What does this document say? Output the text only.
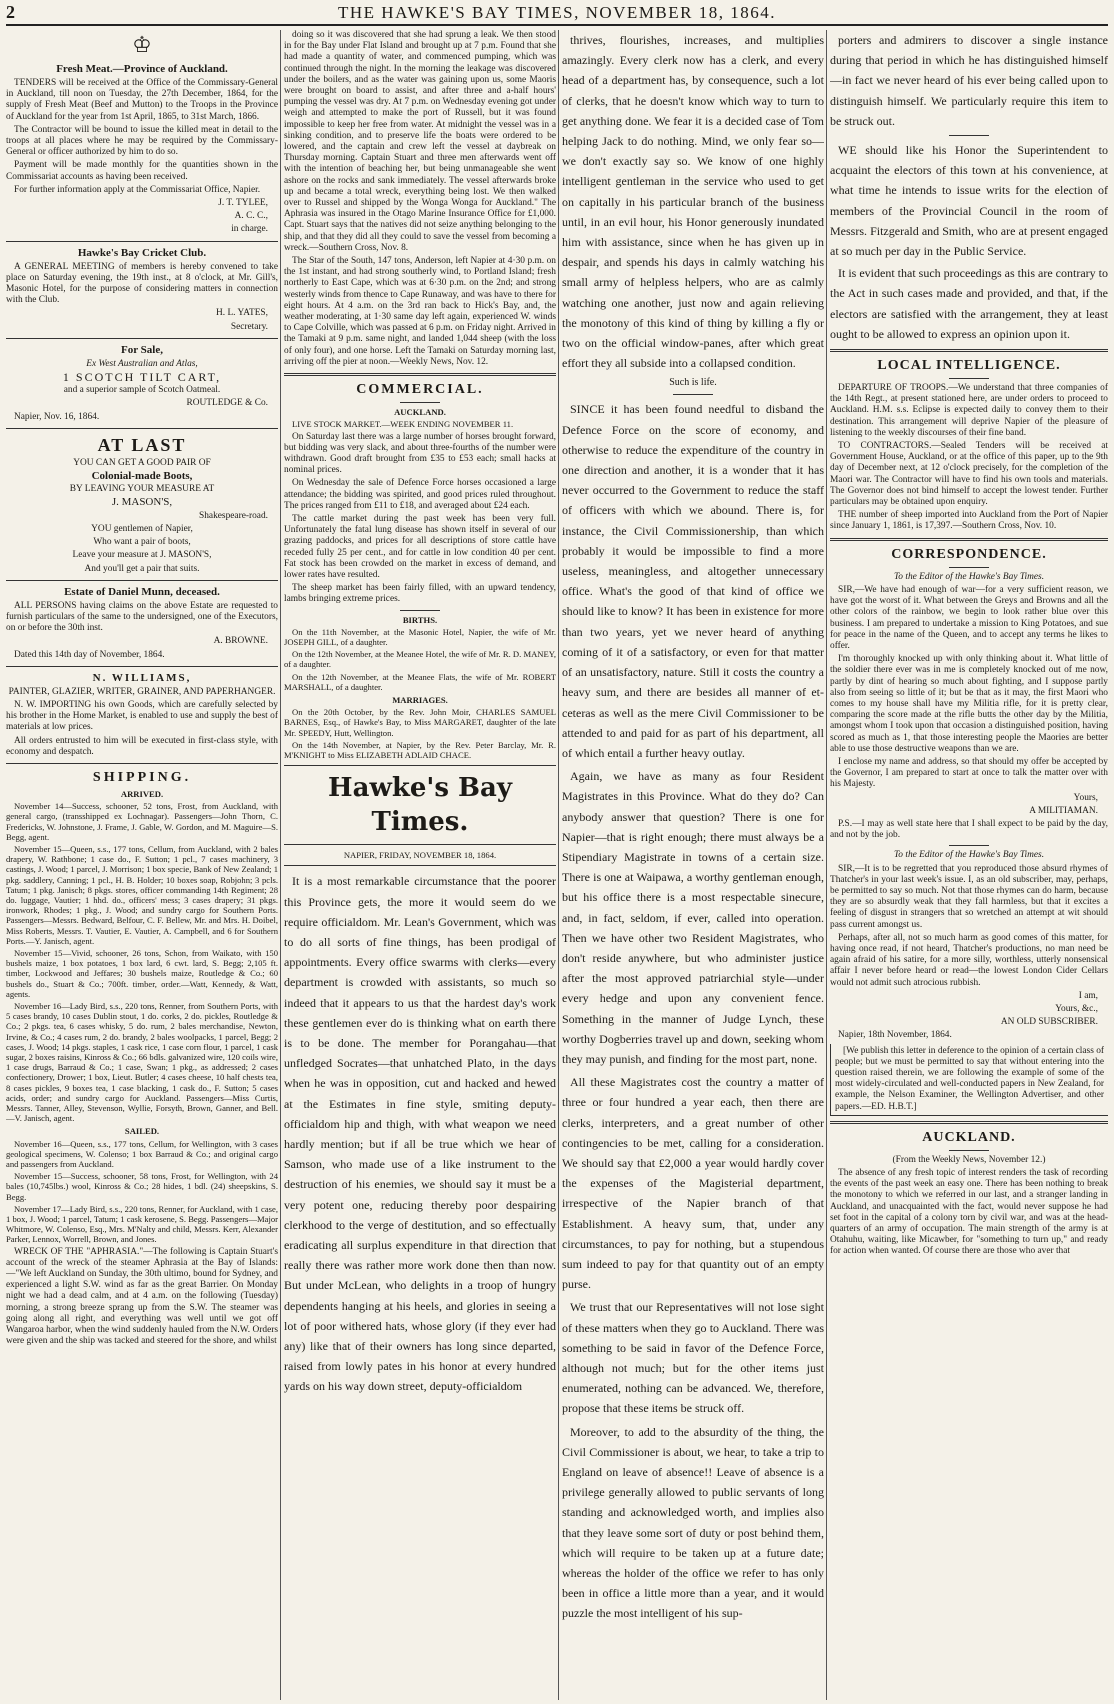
2	THE HAWKE'S BAY TIMES, NOVEMBER 18, 1864.
♔
Fresh Meat.—Province of Auckland.

TENDERS will be received at the Office of the Commissary-General in Auckland, till noon on Tuesday, the 27th December, 1864, for the supply of Fresh Meat (Beef and Mutton) to the Troops in the Province of Auckland for the year from 1st April, 1865, to 31st March, 1866.

The Contractor will be bound to issue the killed meat in detail to the troops at all places where he may be required by the Commissary-General or officer authorized by him to do so.

Payment will be made monthly for the quantities shown in the Commissariat accounts as having been received.

For further information apply at the Commissariat Office, Napier.

J. T. TYLEE,

A. C. C.,

in charge.

Hawke's Bay Cricket Club.

A GENERAL MEETING of members is hereby convened to take place on Saturday evening, the 19th inst., at 8 o'clock, at Mr. Gill's, Masonic Hotel, for the purpose of considering matters in connection with the Club.

H. L. YATES,

Secretary.

For Sale,

Ex West Australian and Atlas,

1 SCOTCH TILT CART,

and a superior sample of Scotch Oatmeal.

ROUTLEDGE & Co.

Napier, Nov. 16, 1864.

AT LAST

YOU CAN GET A GOOD PAIR OF

Colonial-made Boots,

BY LEAVING YOUR MEASURE AT

J. MASON'S,

Shakespeare-road.

YOU gentlemen of Napier,

Who want a pair of boots,

Leave your measure at J. MASON'S,

And you'll get a pair that suits.

Estate of Daniel Munn, deceased.

ALL PERSONS having claims on the above Estate are requested to furnish particulars of the same to the undersigned, one of the Executors, on or before the 30th inst.

A. BROWNE.

Dated this 14th day of November, 1864.

N. WILLIAMS,

PAINTER, GLAZIER, WRITER, GRAINER, AND PAPERHANGER.

N. W. IMPORTING his own Goods, which are carefully selected by his brother in the Home Market, is enabled to use and supply the best of materials at low prices.

All orders entrusted to him will be executed in first-class style, with economy and despatch.

SHIPPING.
ARRIVED.

November 14—Success, schooner, 52 tons, Frost, from Auckland, with general cargo, (transshipped ex Lochnagar). Passengers—John Thorn, C. Fredericks, W. Johnstone, J. Frame, J. Gable, W. Gordon, and M. Maguire—S. Begg, agent.

November 15—Queen, s.s., 177 tons, Cellum, from Auckland, with 2 bales drapery, W. Rathbone; 1 case do., F. Sutton; 1 pcl., 7 cases machinery, 3 castings, J. Wood; 1 parcel, J. Morrison; 1 box specie, Bank of New Zealand; 1 pkg. saddlery, Canning; 1 pcl., H. B. Holder; 10 boxes soap, Robjohn; 3 pcls. Tatum; 1 pkg. Janisch; 8 pkgs. stores, officer commanding 14th Regiment; 28 do. luggage, Vautier; 1 hhd. do., officers' mess; 3 cases drapery; 31 pkgs. ironwork, Rhodes; 1 pkg., J. Wood; and sundry cargo for Southern Ports. Passengers—Messrs. Bedward, Belfour, C. F. Bellew, Mr. and Mrs. H. Doibel, Miss Roberts, Messrs. T. Vautier, E. Vautier, A. Campbell, and 6 for Southern Ports.—Y. Janisch, agent.

November 15—Vivid, schooner, 26 tons, Schon, from Waikato, with 150 bushels maize, 1 box potatoes, 1 box lard, 6 cwt. lard, S. Begg; 2,105 ft. timber, Lockwood and Jeffares; 30 bushels maize, Routledge & Co.; 60 bushels do., Stuart & Co.; 700ft. timber, order.—Watt, Kennedy, & Watt, agents.

November 16—Lady Bird, s.s., 220 tons, Renner, from Southern Ports, with 5 cases brandy, 10 cases Dublin stout, 1 do. corks, 2 do. pickles, Routledge & Co.; 2 pkgs. tea, 6 cases whisky, 5 do. rum, 2 bales merchandise, Newton, Irvine, & Co.; 4 cases rum, 2 do. brandy, 2 bales woolpacks, 1 parcel, Begg; 2 cases, J. Wood; 14 pkgs. staples, 1 cask rice, 1 case corn flour, 1 parcel, 1 cask sugar, 2 boxes raisins, Kinross & Co.; 66 bdls. galvanized wire, 120 coils wire, 1 case drugs, Barraud & Co.; 1 case, Swan; 1 pkg., as addressed; 2 cases confectionery, Drower; 1 box, Lieut. Butler; 4 cases cheese, 10 half chests tea, 8 cases pickles, 9 boxes tea, 1 case blacking, 1 cask do., F. Sutton; 5 cases acids, order; and sundry cargo for Auckland. Passengers—Miss Curtis, Messrs. Tanner, Alley, Stevenson, Wyllie, Forsyth, Brown, Ganner, and Bell.—V. Janisch, agent.

SAILED.

November 16—Queen, s.s., 177 tons, Cellum, for Wellington, with 3 cases geological specimens, W. Colenso; 1 box Barraud & Co.; and original cargo and passengers from Auckland.

November 15—Success, schooner, 58 tons, Frost, for Wellington, with 24 bales (10,745lbs.) wool, Kinross & Co.; 28 hides, 1 bdl. (24) sheepskins, S. Begg.

November 17—Lady Bird, s.s., 220 tons, Renner, for Auckland, with 1 case, 1 box, J. Wood; 1 parcel, Tatum; 1 cask kerosene, S. Begg. Passengers—Major Whitmore, W. Colenso, Esq., Mrs. M'Nalty and child, Messrs. Kerr, Alexander Parker, Lennox, Worrell, Brown, and Jones.

WRECK OF THE "APHRASIA."—The following is Captain Stuart's account of the wreck of the steamer Aphrasia at the Bay of Islands:—"We left Auckland on Sunday, the 30th ultimo, bound for Sydney, and experienced a light S.W. wind as far as the great Barrier. On Monday night we had a dead calm, and at 4 a.m. on the following (Tuesday) morning, a strong breeze sprang up from the S.W. The steamer was going along all right, and everything was well until we got off Wangaroa harbor, when the wind suddenly hauled from the N.W. Orders were given and the ship was tacked and steered for the shore, and whilst

doing so it was discovered that she had sprung a leak. We then stood in for the Bay under Flat Island and brought up at 7 p.m. Found that she had made a quantity of water, and commenced pumping, which was continued through the night. In the morning the leakage was discovered under the boilers, and as the water was gaining upon us, some Maoris were brought on board to assist, and after three and a-half hours' pumping the vessel was dry. At 7 p.m. on Wednesday evening got under weigh and attempted to make the port of Russell, but it was found impossible to keep her free from water. At midnight the vessel was in a sinking condition, and to preserve life the boats were ordered to be lowered, and the captain and crew left the vessel at daybreak on Thursday morning. Captain Stuart and three men afterwards went off with the intention of beaching her, but being unmanageable she went ashore on the rocks and sank immediately. The vessel afterwards broke up and became a total wreck, everything being lost. We then walked over to Russel and shipped by the Wonga Wonga for Auckland." The Aphrasia was insured in the Otago Marine Insurance Office for £1,000. Capt. Stuart says that the natives did not seize anything belonging to the ship, and that they did all they could to save the vessel from becoming a wreck.—Southern Cross, Nov. 8.

The Star of the South, 147 tons, Anderson, left Napier at 4·30 p.m. on the 1st instant, and had strong southerly wind, to Portland Island; fresh northerly to East Cape, which was at 6·30 p.m. on the 2nd; and strong westerly winds from thence to Cape Runaway, and was have to there for eight hours. At 4 a.m. on the 3rd ran back to Hick's Bay, and, the weather moderating, at 1·30 same day left again, experienced W. winds to Cape Colville, which was passed at 6 p.m. on Friday night. Arrived in the Tamaki at 9 p.m. same night, and landed 1,044 sheep (with the loss of only four), and one horse. Left the Tamaki on Saturday morning last, arriving off the pier at noon.—Weekly News, Nov. 12.

COMMERCIAL.
AUCKLAND.

LIVE STOCK MARKET.—WEEK ENDING NOVEMBER 11.

On Saturday last there was a large number of horses brought forward, but bidding was very slack, and about three-fourths of the number were withdrawn. Good draft brought from £35 to £53 each; small hacks at nominal prices.

On Wednesday the sale of Defence Force horses occasioned a large attendance; the bidding was spirited, and good prices ruled throughout. The prices ranged from £11 to £18, and averaged about £24 each.

The cattle market during the past week has been very full. Unfortunately the fatal lung disease has shown itself in several of our grazing paddocks, and prices for all descriptions of store cattle have receded fully 25 per cent., and for cattle in low condition 40 per cent. Fat stock has been crowded on the market in excess of demand, and lower rates have resulted.

The sheep market has been fairly filled, with an upward tendency, lambs bringing extreme prices.

BIRTHS.

On the 11th November, at the Masonic Hotel, Napier, the wife of Mr. JOSEPH GILL, of a daughter.

On the 12th November, at the Meanee Hotel, the wife of Mr. R. D. MANEY, of a daughter.

On the 12th November, at the Meanee Flats, the wife of Mr. ROBERT MARSHALL, of a daughter.

MARRIAGES.

On the 20th October, by the Rev. John Moir, CHARLES SAMUEL BARNES, Esq., of Hawke's Bay, to Miss MARGARET, daughter of the late Mr. SPEEDY, Hutt, Wellington.

On the 14th November, at Napier, by the Rev. Peter Barclay, Mr. R. M'KNIGHT to Miss ELIZABETH ADLAID CHACE.

Hawke's Bay Times.

NAPIER, FRIDAY, NOVEMBER 18, 1864.

It is a most remarkable circumstance that the poorer this Province gets, the more it would seem do we require officialdom. Mr. Lean's Government, which was to do all sorts of fine things, has been prodigal of appointments. Every office swarms with clerks—every department is crowded with assistants, so much so indeed that it appears to us that the hardest day's work these gentlemen ever do is thinking what on earth there is to be done. The member for Porangahau—that unfledged Socrates—that unhatched Plato, in the days when he was in opposition, cut and hacked and hewed at the Estimates in fine style, smiting deputy-officialdom hip and thigh, with what weapon we need hardly mention; but if all be true which we hear of Samson, who made use of a like instrument to the destruction of his enemies, we should say it must be a very potent one, reducing thereby poor despairing clerkhood to the verge of destitution, and so effectually eradicating all surplus expenditure in that direction that really there was rather more work done then than now. But under McLean, who delights in a troop of hungry dependents hanging at his heels, and glories in seeing a lot of poor withered hats, whose glory (if they ever had any) like that of their owners has long since departed, raised from lowly pates in his honor at every hundred yards on his way down street, deputy-officialdom

thrives, flourishes, increases, and multiplies amazingly. Every clerk now has a clerk, and every head of a department has, by consequence, such a lot of clerks, that he doesn't know which way to turn to get anything done. We fear it is a decided case of Tom helping Jack to do nothing. Mind, we only fear so—we don't exactly say so. We know of one highly intelligent gentleman in the service who used to get on capitally in his particular branch of the business until, in an evil hour, his Honor generously inundated him with assistance, since when he has given up in despair, and spends his days in calmly watching his small army of helpless helpers, who are as calmly watching one another, just now and again relieving the monotony of this kind of thing by killing a fly or two on the official window-panes, after which great effort they all subside into a collapsed condition.

Such is life.

SINCE it has been found needful to disband the Defence Force on the score of economy, and otherwise to reduce the expenditure of the country in one direction and another, it is a wonder that it has never occurred to the Government to reduce the staff of officers with which we abound. There is, for instance, the Civil Commissionership, than which probably it would be impossible to find a more useless, meaningless, and altogether unnecessary office. What's the good of that kind of office we should like to know? It has been in existence for more than two years, yet we never heard of anything coming of it of a satisfactory, or even for that matter of an unsatisfactory, nature. Still it costs the country a heavy sum, and there are besides all manner of et-ceteras as well as the mere Civil Commissioner to be attended to and paid for as part of his department, all of which entail a further heavy outlay.

Again, we have as many as four Resident Magistrates in this Province. What do they do? Can anybody answer that question? There is one for Napier—that is right enough; there must always be a Stipendiary Magistrate in towns of a certain size. There is one at Waipawa, a worthy gentleman enough, but his office there is a most respectable sinecure, and, in fact, seldom, if ever, called into operation. Then we have other two Resident Magistrates, who don't reside anywhere, but who administer justice after the most approved patriarchial style—under every hedge and upon any convenient fence. Something in the manner of Judge Lynch, these worthy Dogberries travel up and down, seeking whom they may punish, and finding for the most part, none.

All these Magistrates cost the country a matter of three or four hundred a year each, then there are clerks, interpreters, and a great number of other contingencies to be met, calling for a consideration. We should say that £2,000 a year would hardly cover the expenses of the Magisterial department, irrespective of the Napier branch of that Establishment. A heavy sum, that, under any circumstances, to pay for nothing, but a stupendous sum indeed to pay for that quantity out of an empty purse.

We trust that our Representatives will not lose sight of these matters when they go to Auckland. There was something to be said in favor of the Defence Force, although not much; but for the other items just enumerated, nothing can be advanced. We, therefore, propose that these items be struck off.

Moreover, to add to the absurdity of the thing, the Civil Commissioner is about, we hear, to take a trip to England on leave of absence!! Leave of absence is a privilege generally allowed to public servants of long standing and acknowledged worth, and implies also that they leave some sort of duty or post behind them, which will require to be taken up at a future date; whereas the holder of the office we refer to has only been in office a little more than a year, and it would puzzle the most intelligent of his sup-

porters and admirers to discover a single instance during that period in which he has distinguished himself—in fact we never heard of his ever being called upon to distinguish himself. We particularly require this item to be struck out.

WE should like his Honor the Superintendent to acquaint the electors of this town at his convenience, at what time he intends to issue writs for the election of members of the Provincial Council in the room of Messrs. Fitzgerald and Smith, who are at present engaged at so much per day in the Public Service.

It is evident that such proceedings as this are contrary to the Act in such cases made and provided, and that, if the electors are satisfied with the arrangement, they at least ought to be allowed to express an opinion upon it.

LOCAL INTELLIGENCE.

DEPARTURE OF TROOPS.—We understand that three companies of the 14th Regt., at present stationed here, are under orders to proceed to Auckland. H.M. s.s. Eclipse is expected daily to convey them to their destination. This arrangement will deprive Napier of the pleasure of listening to the weekly discourses of their fine band.

TO CONTRACTORS.—Sealed Tenders will be received at Government House, Auckland, or at the office of this paper, up to the 9th day of December next, at 12 o'clock precisely, for the completion of the Maori war. The Contractor will have to find his own tools and materials. The Governor does not bind himself to accept the lowest tender. Further particulars may be obtained upon enquiry.

THE number of sheep imported into Auckland from the Port of Napier since January 1, 1861, is 17,397.—Southern Cross, Nov. 10.

CORRESPONDENCE.

To the Editor of the Hawke's Bay Times.

SIR,—We have had enough of war—for a very sufficient reason, we have got the worst of it. What between the Greys and Browns and all the other colors of the rainbow, we begin to look rather blue over this business. I am prepared to undertake a mission to King Potatoes, and sue for peace in the name of the Queen, and to accept any terms he likes to offer.

I'm thoroughly knocked up with only thinking about it. What little of the soldier there ever was in me is completely knocked out of me now, partly by dint of hearing so much about fighting, and I suppose partly also from seeing so little of it; but be that as it may, the first Maori who comes to my house shall have my Militia rifle, for it is pretty clear, comparing the score made at the rifle butts the other day by the Militia, amongst whom I took upon that occasion a distinguished position, having scored as much as 1, that those interesting people the Maories are better able to use those destructive weapons than we are.

I enclose my name and address, so that should my offer be accepted by the Governor, I am prepared to start at once to talk the matter over with his Majesty.

Yours,

A MILITIAMAN.

P.S.—I may as well state here that I shall expect to be paid by the day, and not by the job.

To the Editor of the Hawke's Bay Times.

SIR,—It is to be regretted that you reproduced those absurd rhymes of Thatcher's in your last week's issue. I, as an old subscriber, may, perhaps, be permitted to say so much. Not that those rhymes can do harm, because they are so absurdly weak that they fall harmless, but that it excites a feeling of disgust in strangers that so wretched an attempt at wit should pass current amongst us.

Perhaps, after all, not so much harm as good comes of this matter, for having once read, if not heard, Thatcher's productions, no man need be again afraid of his satire, for a more silly, worthless, utterly nonsensical affair I never before heard or read—the lowest London Cider Cellars would not admit such atrocious rubbish.

I am,

Yours, &c.,

AN OLD SUBSCRIBER.

Napier, 18th November, 1864.

[We publish this letter in deference to the opinion of a certain class of people; but we must be permitted to say that without entering into the question raised therein, we are following the example of some of the most widely-circulated and well-conducted papers in New Zealand, for example, the Nelson Examiner, the Wellington Advertiser, and other papers.—ED. H.B.T.]

AUCKLAND.

(From the Weekly News, November 12.)

The absence of any fresh topic of interest renders the task of recording the events of the past week an easy one. There has been nothing to break the monotony to which we referred in our last, and a stranger landing in Auckland, and unacquainted with the fact, would never suppose he had set foot in the capital of a colony torn by civil war, and was at the head-quarters of an army of occupation. The main strength of the army is at Otahuhu, waiting, like Micawber, for "something to turn up," and ready for action when wanted. Of course there are those who aver that
